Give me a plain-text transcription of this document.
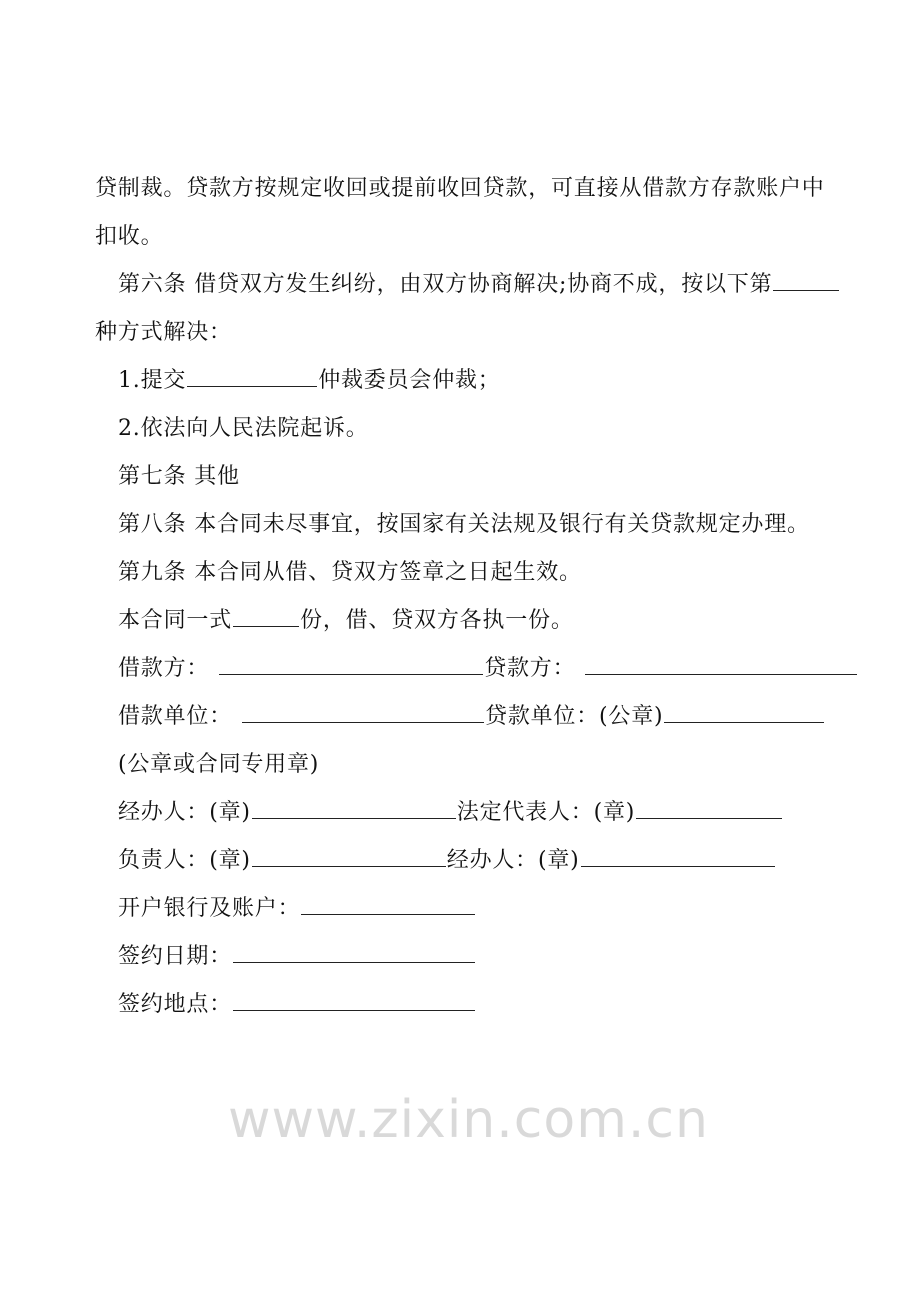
www.zixin.com.cn
贷制裁。贷款方按规定收回或提前收回贷款，可直接从借款方存款账户中
扣收。
第六条 借贷双方发生纠纷，由双方协商解决;协商不成，按以下第
种方式解决：
1.提交	仲裁委员会仲裁；
2.依法向人民法院起诉。
第七条 其他
第八条 本合同未尽事宜，按国家有关法规及银行有关贷款规定办理。
第九条 本合同从借、贷双方签章之日起生效。
本合同一式	份，借、贷双方各执一份。
借款方：	贷款方：
借款单位：	贷款单位：(公章)
(公章或合同专用章)
经办人：(章)	法定代表人：(章)
负责人：(章)	经办人：(章)
开户银行及账户：
签约日期：
签约地点：
